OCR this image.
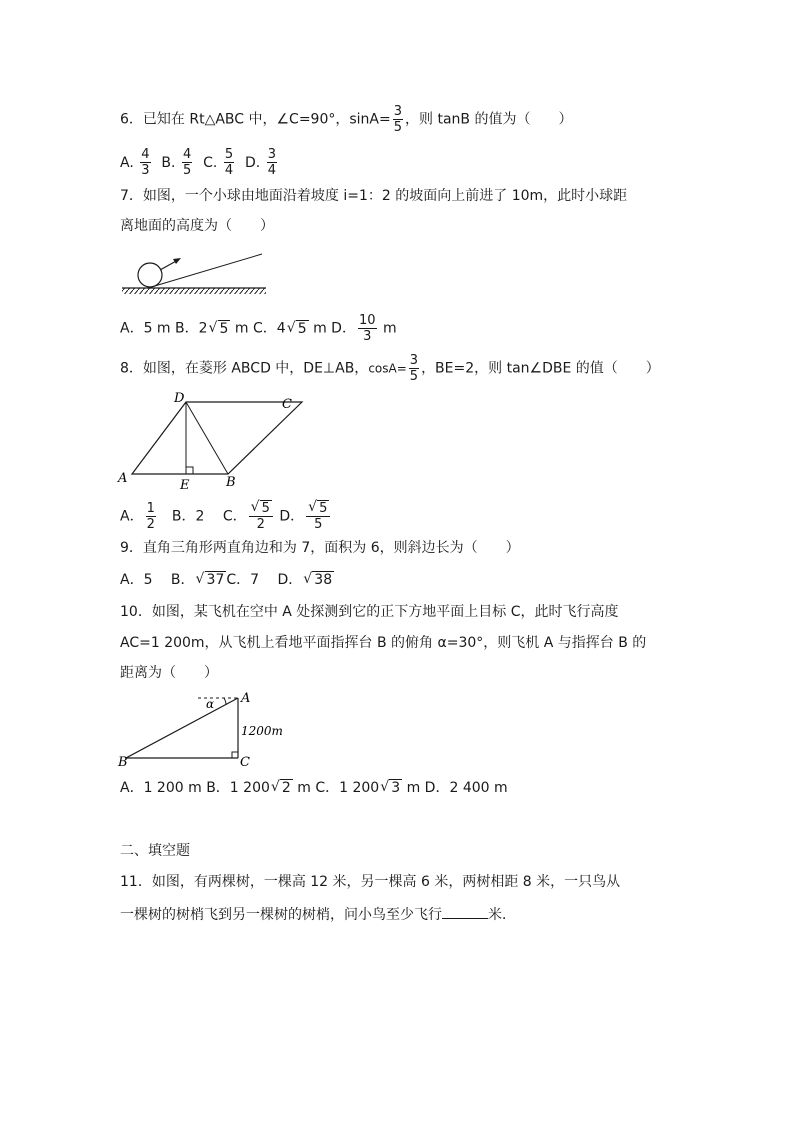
6．已知在 Rt△ABC 中，∠C=90°，$\sin A= \frac{3}{5}$ ，则 tanB 的值为（　　）
A. $\frac{4}{3} B$. $\frac{4}{5} C$. $\frac{5}{4} D$. $\frac{3}{4}$
7．如图，一个小球由地面沿着坡度 i=1：2 的坡面向上前进了 10m，此时小球距
离地面的高度为（　　）
A．5 m B．2 √ 5 m C．4 √ 5 m D． $\frac{10}{3}$ m
8．如图，在菱形 ABCD 中，DE⊥AB，$\cos A= \frac{3}{5}$ ，BE=2，则 tan∠DBE 的值（　　）
A	B
C
D
E
A． $\frac{1}{2}$ 　B．2　 C． √ $\frac{5}{2}$ D． √ $\frac{5}{5}$
9．直角三角形两直角边和为 7，面积为 6，则斜边长为（　　）
A．5　 B． √ 37 C．7　 D． √ 38
10．如图，某飞机在空中 A 处探测到它的正下方地平面上目标 C，此时飞行高度
AC=1 200m，从飞机上看地平面指挥台 B 的俯角 α=30°，则飞机 A 与指挥台 B 的
距离为（　　）
A
B	C
α
1200m
A．1 200 m B．1 200 √ 2 m C．1 200 √ 3 m D．2 400 m
二、填空题
11．如图，有两棵树，一棵高 12 米，另一棵高 6 米，两树相距 8 米，一只鸟从
一棵树的树梢飞到另一棵树的树梢，问小鸟至少飞行	米．
